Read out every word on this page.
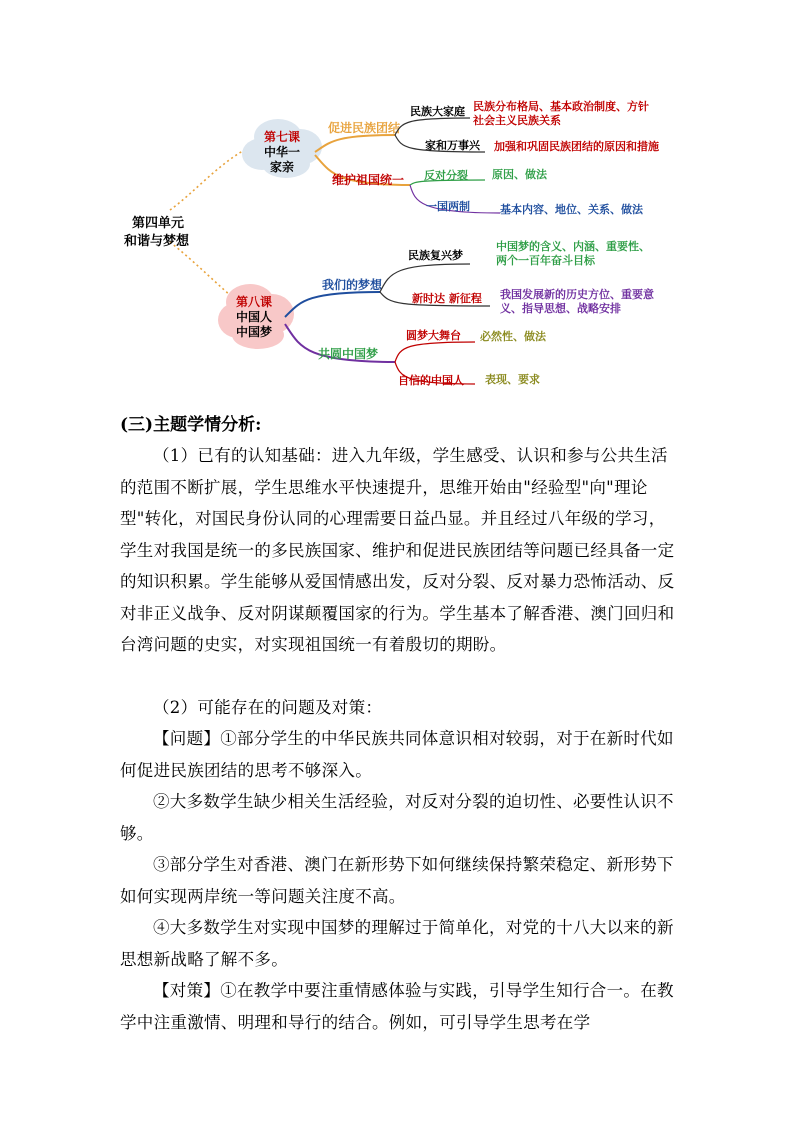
第四单元
和谐与梦想
第七课
中华一
家亲
促进民族团结
维护祖国统一
民族大家庭
家和万事兴
民族分布格局、基本政治制度、方针
社会主义民族关系
加强和巩固民族团结的原因和措施
反对分裂
一国两制
原因、做法
基本内容、地位、关系、做法
第八课
中国人
中国梦
我们的梦想
共圆中国梦
民族复兴梦
新时达 新征程
中国梦的含义、内涵、重要性、
两个一百年奋斗目标
我国发展新的历史方位、重要意
义、指导思想、战略安排
圆梦大舞台
自信的中国人
必然性、做法
表现、要求
(三)主题学情分析:
（1）已有的认知基础：进入九年级，学生感受、认识和参与公共生活的范围不断扩展，学生思维水平快速提升，思维开始由"经验型"向"理论型"转化，对国民身份认同的心理需要日益凸显。并且经过八年级的学习，学生对我国是统一的多民族国家、维护和促进民族团结等问题已经具备一定的知识积累。学生能够从爱国情感出发，反对分裂、反对暴力恐怖活动、反对非正义战争、反对阴谋颠覆国家的行为。学生基本了解香港、澳门回归和台湾问题的史实，对实现祖国统一有着殷切的期盼。
（2）可能存在的问题及对策：
【问题】①部分学生的中华民族共同体意识相对较弱，对于在新时代如何促进民族团结的思考不够深入。
②大多数学生缺少相关生活经验，对反对分裂的迫切性、必要性认识不够。
③部分学生对香港、澳门在新形势下如何继续保持繁荣稳定、新形势下如何实现两岸统一等问题关注度不高。
④大多数学生对实现中国梦的理解过于简单化，对党的十八大以来的新思想新战略了解不多。
【对策】①在教学中要注重情感体验与实践，引导学生知行合一。在教学中注重激情、明理和导行的结合。例如，可引导学生思考在学
